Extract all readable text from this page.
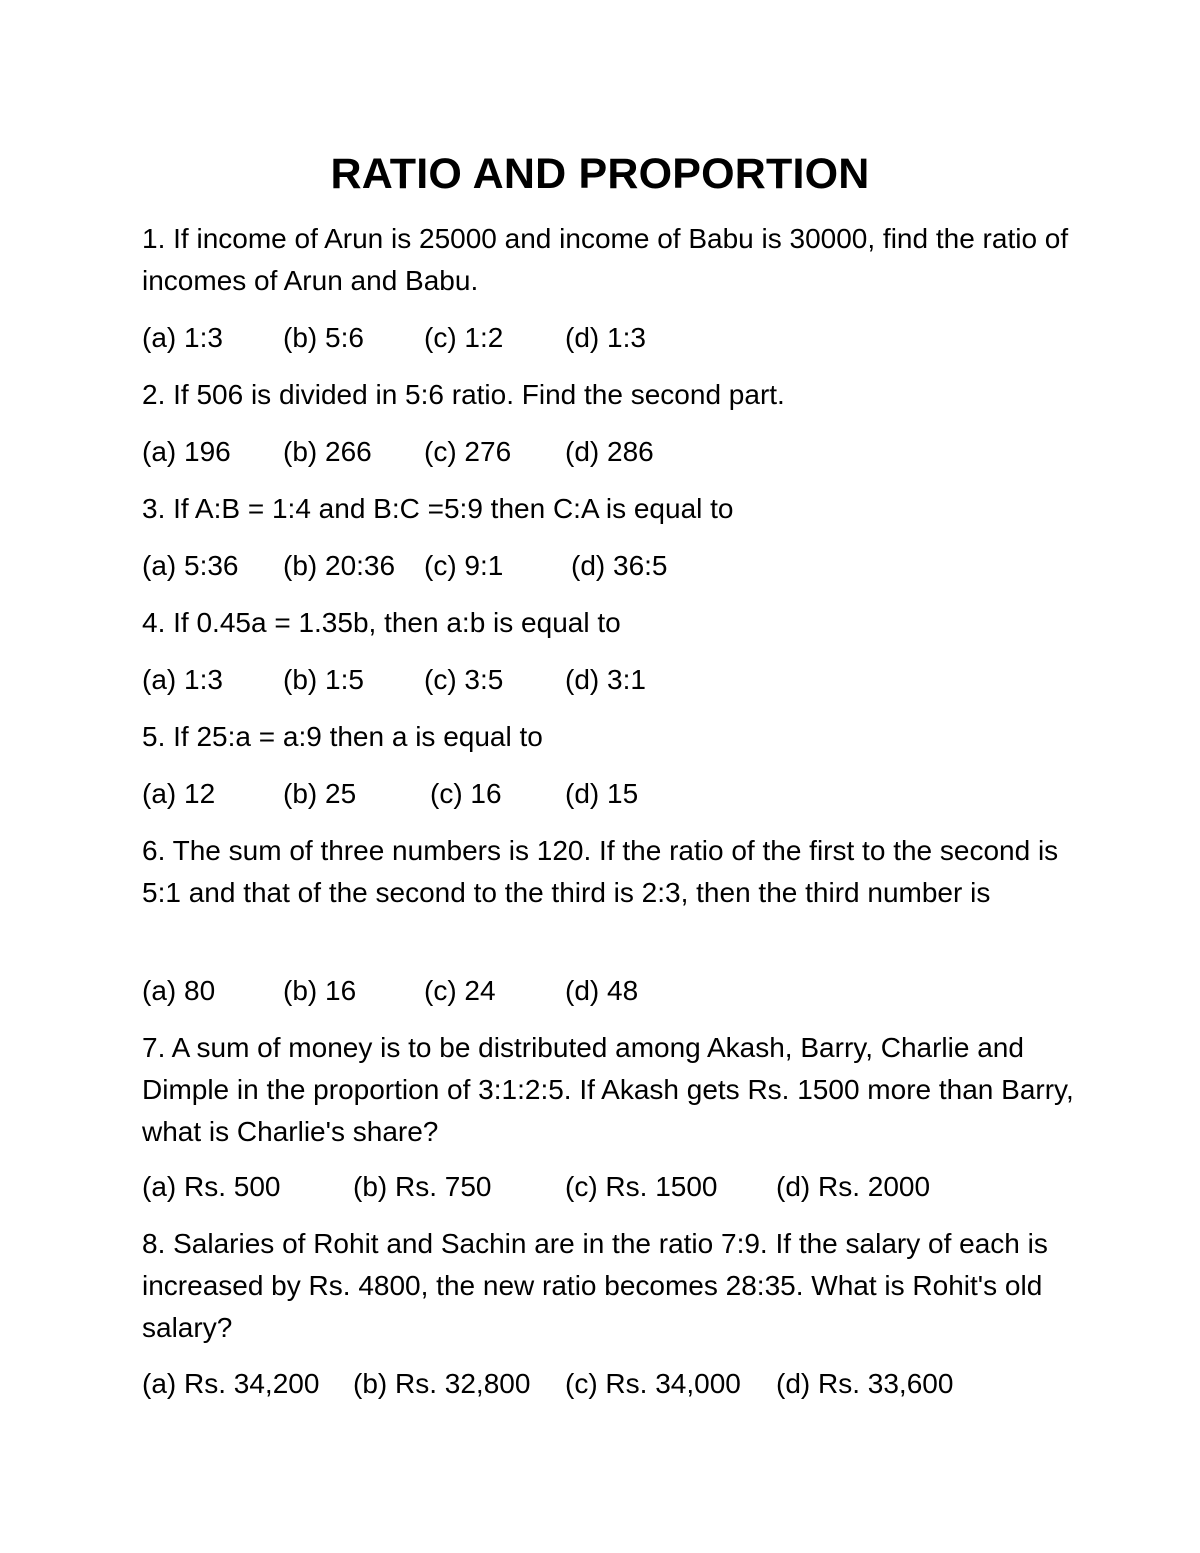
RATIO AND PROPORTION
1. If income of Arun is 25000 and income of Babu is 30000, find the ratio of incomes of Arun and Babu.
(a) 1:3 (b) 5:6 (c) 1:2 (d) 1:3
2. If 506 is divided in 5:6 ratio. Find the second part.
(a) 196 (b) 266 (c) 276 (d) 286
3. If A:B = 1:4 and B:C =5:9 then C:A is equal to
(a) 5:36 (b) 20:36 (c) 9:1 (d) 36:5
4. If 0.45a = 1.35b, then a:b is equal to
(a) 1:3 (b) 1:5 (c) 3:5 (d) 3:1
5. If 25:a = a:9 then a is equal to
(a) 12 (b) 25	(c) 16 (d) 15
6. The sum of three numbers is 120. If the ratio of the first to the second is 5:1 and that of the second to the third is 2:3, then the third number is
(a) 80 (b) 16 (c) 24 (d) 48
7. A sum of money is to be distributed among Akash, Barry, Charlie and Dimple in the proportion of 3:1:2:5. If Akash gets Rs. 1500 more than Barry, what is Charlie's share?
(a) Rs. 500	(b) Rs. 750	(c) Rs. 1500 (d) Rs. 2000
8. Salaries of Rohit and Sachin are in the ratio 7:9. If the salary of each is increased by Rs. 4800, the new ratio becomes 28:35. What is Rohit's old salary?
(a) Rs. 34,200 (b) Rs. 32,800 (c) Rs. 34,000 (d) Rs. 33,600
